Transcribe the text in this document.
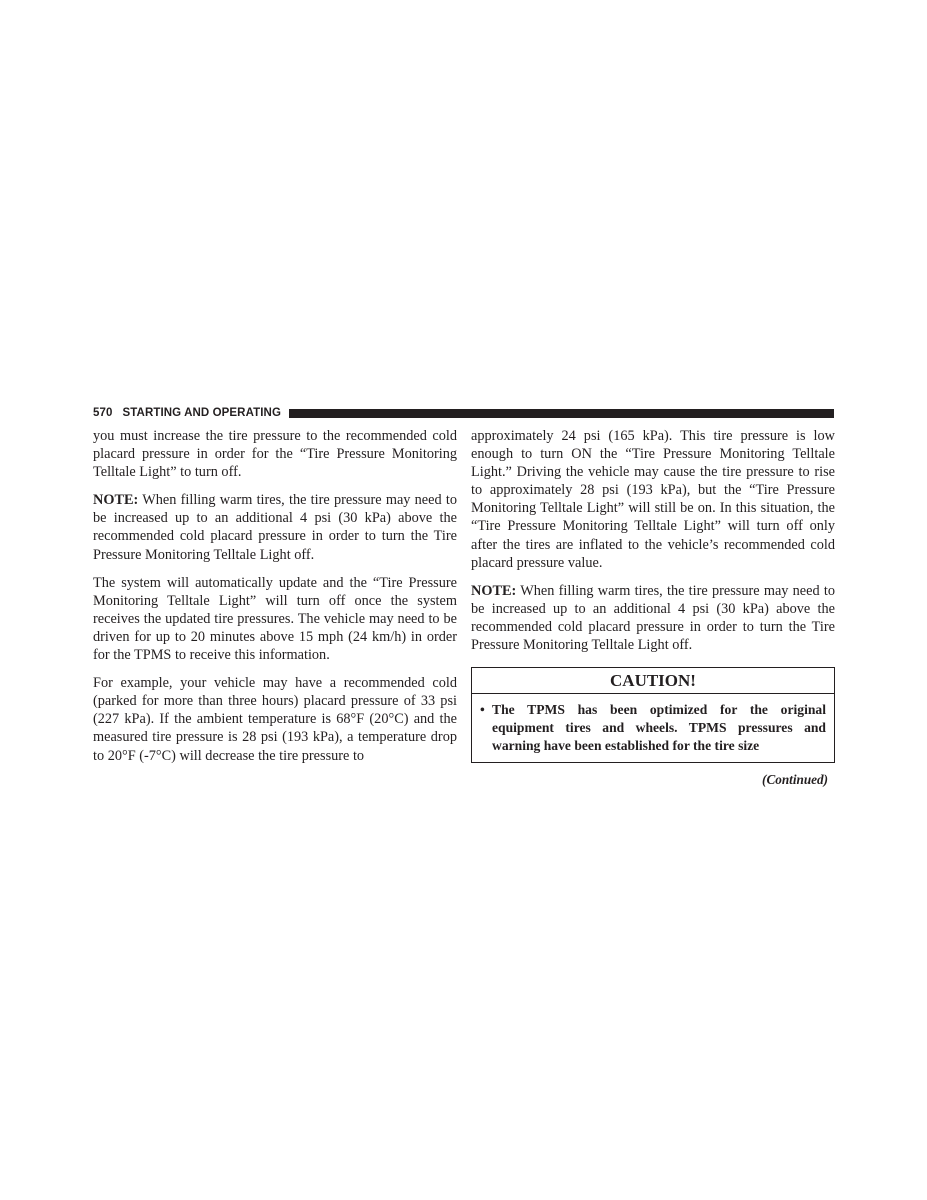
570 STARTING AND OPERATING

you must increase the tire pressure to the recommended cold placard pressure in order for the “Tire Pressure Monitoring Telltale Light” to turn off.

NOTE: When filling warm tires, the tire pressure may need to be increased up to an additional 4 psi (30 kPa) above the recommended cold placard pressure in order to turn the Tire Pressure Monitoring Telltale Light off.

The system will automatically update and the “Tire Pressure Monitoring Telltale Light” will turn off once the system receives the updated tire pressures. The vehicle may need to be driven for up to 20 minutes above 15 mph (24 km/h) in order for the TPMS to receive this information.

For example, your vehicle may have a recommended cold (parked for more than three hours) placard pressure of 33 psi (227 kPa). If the ambient temperature is 68°F (20°C) and the measured tire pressure is 28 psi (193 kPa), a temperature drop to 20°F (-7°C) will decrease the tire pressure to

approximately 24 psi (165 kPa). This tire pressure is low enough to turn ON the “Tire Pressure Monitoring Telltale Light.” Driving the vehicle may cause the tire pressure to rise to approximately 28 psi (193 kPa), but the “Tire Pressure Monitoring Telltale Light” will still be on. In this situation, the “Tire Pressure Monitoring Telltale Light” will turn off only after the tires are inflated to the vehicle’s recommended cold placard pressure value.

NOTE: When filling warm tires, the tire pressure may need to be increased up to an additional 4 psi (30 kPa) above the recommended cold placard pressure in order to turn the Tire Pressure Monitoring Telltale Light off.

CAUTION!
• The TPMS has been optimized for the original equipment tires and wheels. TPMS pressures and warning have been established for the tire size
(Continued)
